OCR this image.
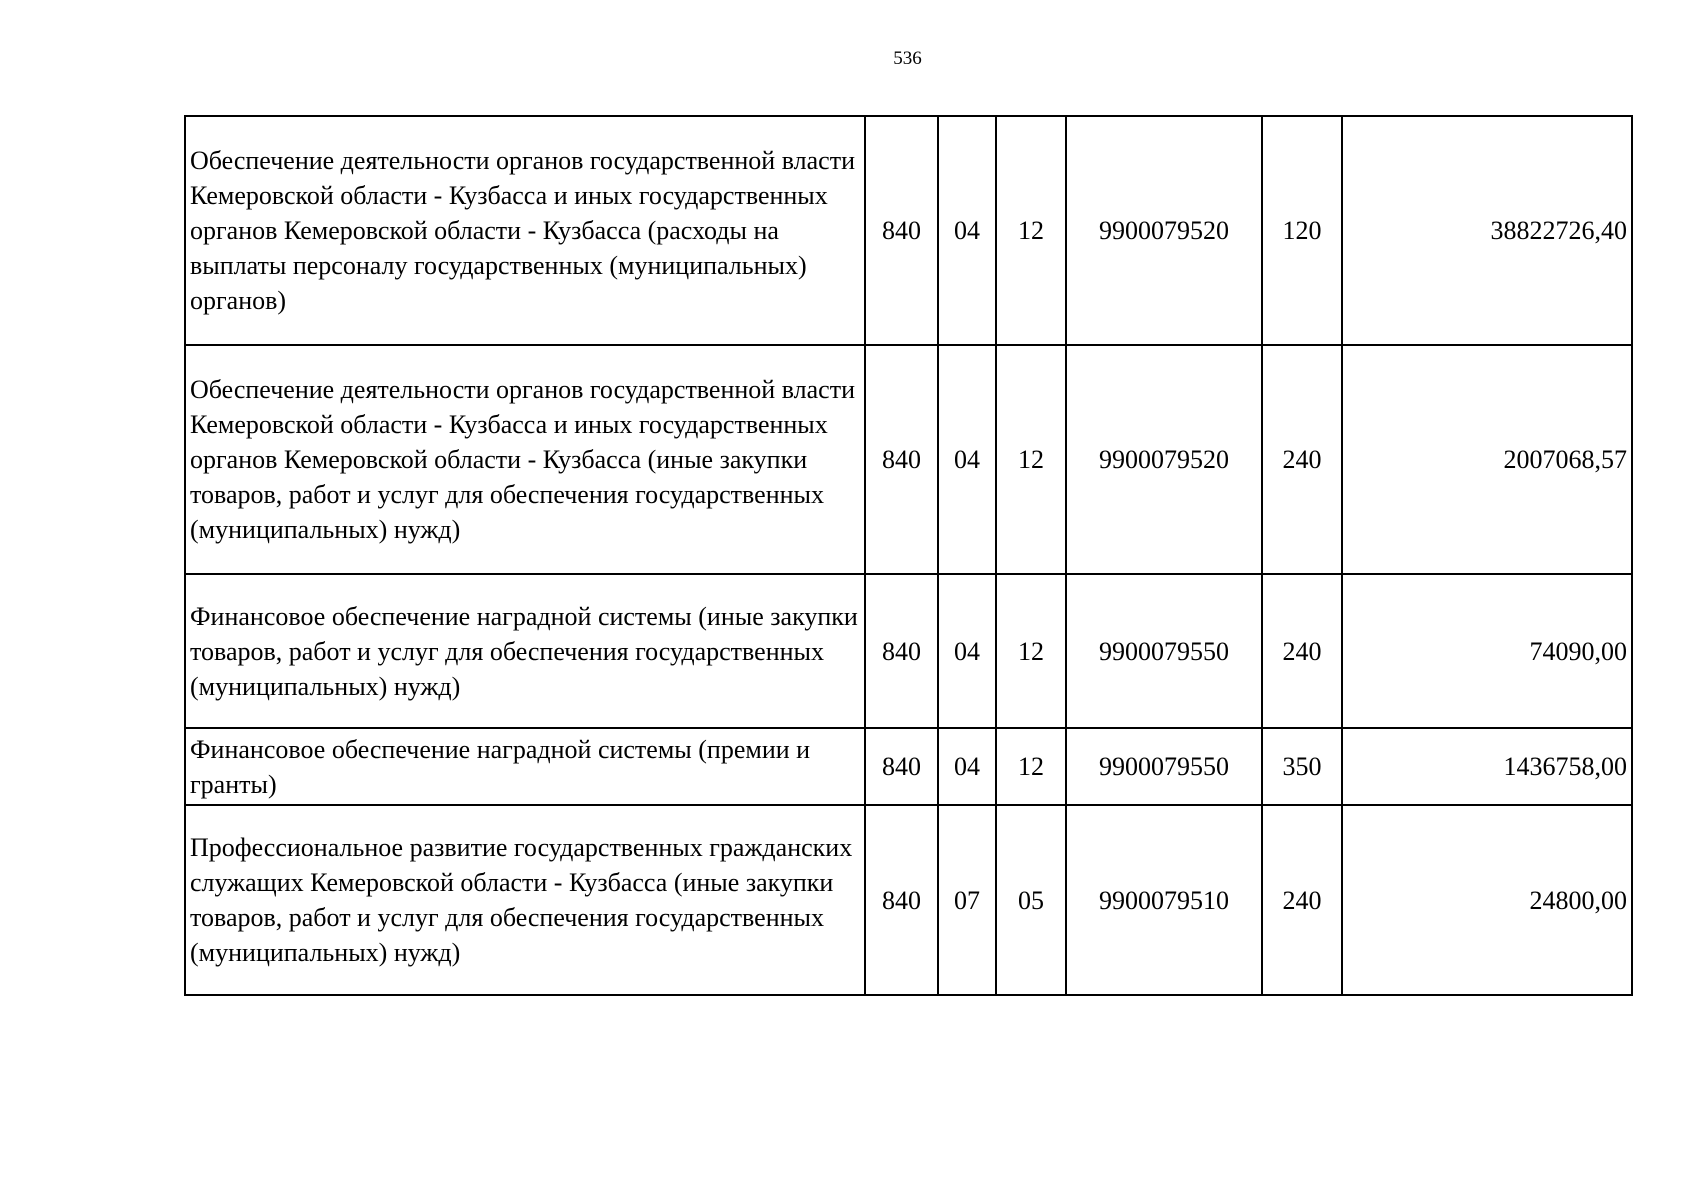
536
Обеспечение деятельности органов государственной власти Кемеровской области - Кузбасса и иных государственных органов Кемеровской области - Кузбасса (расходы на выплаты персоналу государственных (муниципальных) органов)	840	04	12	9900079520	120	38822726,40
Обеспечение деятельности органов государственной власти Кемеровской области - Кузбасса и иных государственных органов Кемеровской области - Кузбасса (иные закупки товаров, работ и услуг для обеспечения государственных (муниципальных) нужд)	840	04	12	9900079520	240	2007068,57
Финансовое обеспечение наградной системы (иные закупки товаров, работ и услуг для обеспечения государственных (муниципальных) нужд)	840	04	12	9900079550	240	74090,00
Финансовое обеспечение наградной системы (премии и гранты)	840	04	12	9900079550	350	1436758,00
Профессиональное развитие государственных гражданских служащих Кемеровской области - Кузбасса (иные закупки товаров, работ и услуг для обеспечения государственных (муниципальных) нужд)	840	07	05	9900079510	240	24800,00
